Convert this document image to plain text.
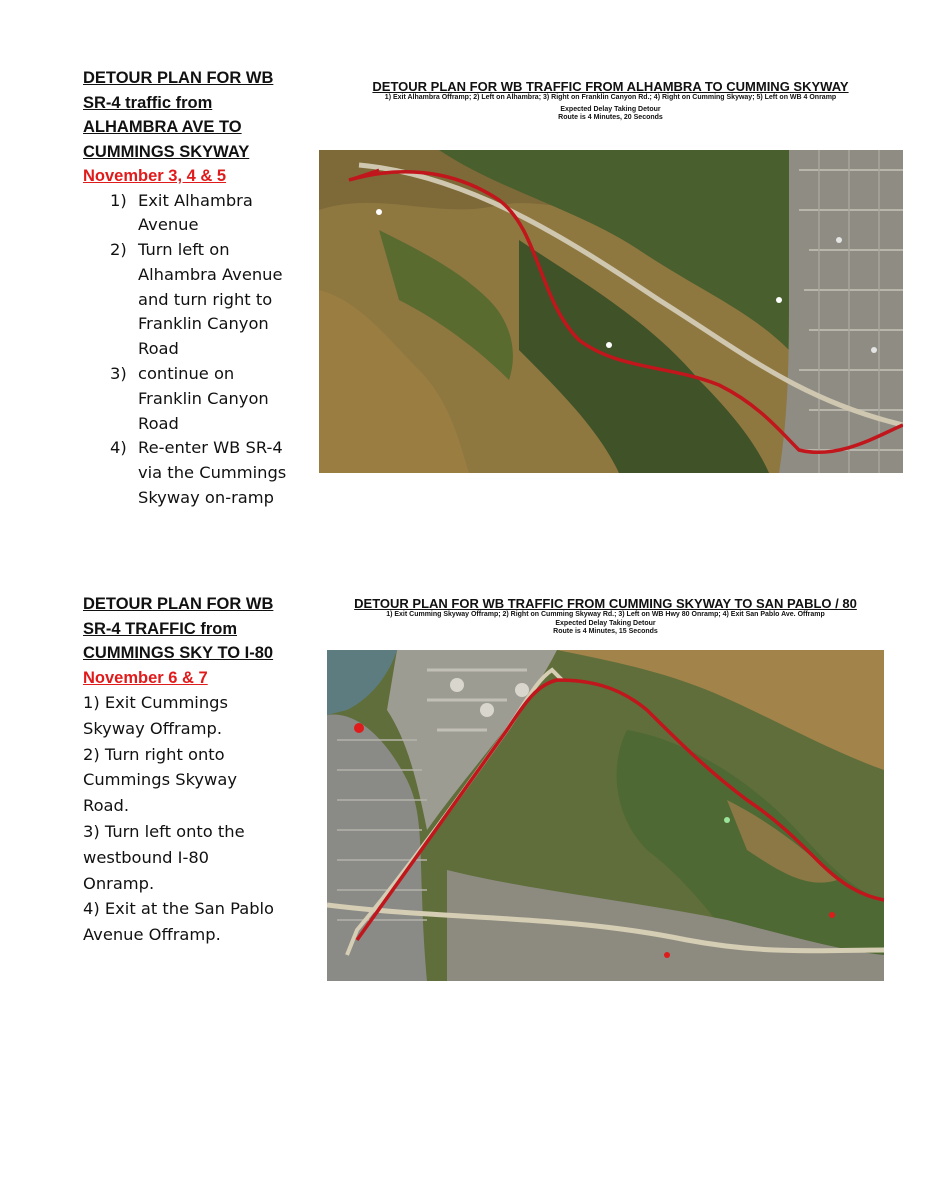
DETOUR PLAN FOR WB

SR-4 traffic from

ALHAMBRA AVE TO

CUMMINGS SKYWAY

November 3, 4 & 5

1) Exit Alhambra
Avenue
2) Turn left on
Alhambra Avenue
and turn right to
Franklin Canyon
Road
3) continue on
Franklin Canyon
Road
4) Re-enter WB SR-4
via the Cummings
Skyway on-ramp
DETOUR PLAN FOR WB TRAFFIC FROM ALHAMBRA TO CUMMING SKYWAY
1) Exit Alhambra Offramp; 2) Left on Alhambra; 3) Right on Franklin Canyon Rd.; 4) Right on Cumming Skyway; 5) Left on WB 4 Onramp
Expected Delay Taking Detour
Route is 4 Minutes, 20 Seconds

DETOUR PLAN FOR WB

SR-4 TRAFFIC from

CUMMINGS SKY TO I-80

November 6 & 7

1) Exit Cummings
Skyway Offramp.
2) Turn right onto
Cummings Skyway
Road.
3) Turn left onto the
westbound I-80
Onramp.
4) Exit at the San Pablo
Avenue Offramp.
DETOUR PLAN FOR WB TRAFFIC FROM CUMMING SKYWAY TO SAN PABLO / 80
1) Exit Cumming Skyway Offramp; 2) Right on Cumming Skyway Rd.; 3) Left on WB Hwy 80 Onramp; 4) Exit San Pablo Ave. Offramp
Expected Delay Taking Detour
Route is 4 Minutes, 15 Seconds
